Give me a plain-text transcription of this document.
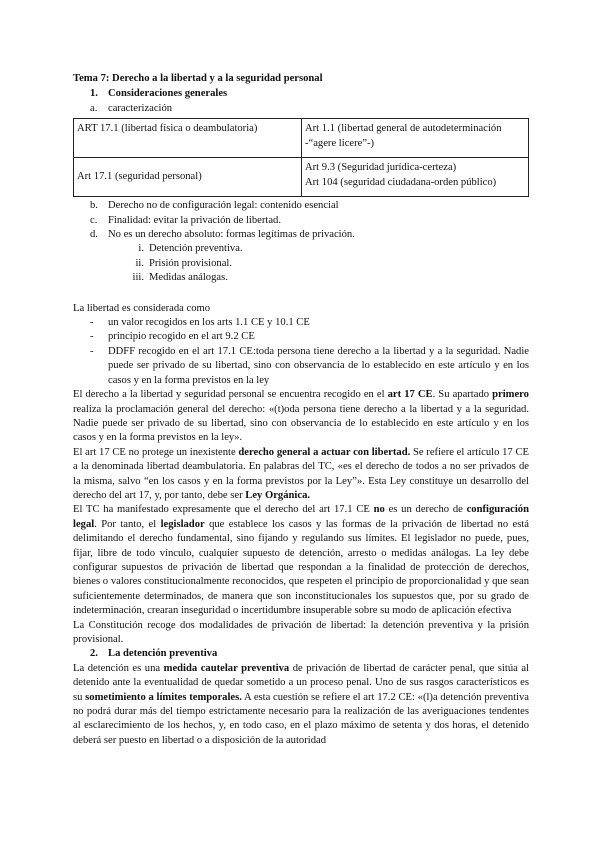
Tema 7: Derecho a la libertad y a la seguridad personal

1. Consideraciones generales

a. caracterización

ART 17.1 (libertad física o deambulatoria)	Art 1.1 (libertad general de autodeterminación -“agere licere”-)
Art 17.1 (seguridad personal)	Art 9.3 (Seguridad jurídica-certeza)
Art 104 (seguridad ciudadana-orden público)

b. Derecho no de configuración legal: contenido esencial

c. Finalidad: evitar la privación de libertad.

d. No es un derecho absoluto: formas legítimas de privación.

i. Detención preventiva.

ii. Prisión provisional.

iii. Medidas análogas.

La libertad es considerada como

-	un valor recogidos en los arts 1.1 CE y 10.1 CE
-	principio recogido en el art 9.2 CE
-	DDFF recogido en el art 17.1 CE:toda persona tiene derecho a la libertad y a la seguridad. Nadie puede ser privado de su libertad, sino con observancia de lo establecido en este artículo y en los casos y en la forma previstos en la ley

El derecho a la libertad y seguridad personal se encuentra recogido en el art 17 CE. Su apartado primero realiza la proclamación general del derecho: «(t)oda persona tiene derecho a la libertad y a la seguridad. Nadie puede ser privado de su libertad, sino con observancia de lo establecido en este artículo y en los casos y en la forma previstos en la ley».

El art 17 CE no protege un inexistente derecho general a actuar con libertad. Se refiere el artículo 17 CE a la denominada libertad deambulatoria. En palabras del TC, «es el derecho de todos a no ser privados de la misma, salvo “en los casos y en la forma previstos por la Ley”». Esta Ley constituye un desarrollo del derecho del art 17, y, por tanto, debe ser Ley Orgánica.

El TC ha manifestado expresamente que el derecho del art 17.1 CE no es un derecho de configuración legal. Por tanto, el legislador que establece los casos y las formas de la privación de libertad no está delimitando el derecho fundamental, sino fijando y regulando sus límites. El legislador no puede, pues, fijar, libre de todo vínculo, cualquier supuesto de detención, arresto o medidas análogas. La ley debe configurar supuestos de privación de libertad que respondan a la finalidad de protección de derechos, bienes o valores constitucionalmente reconocidos, que respeten el principio de proporcionalidad y que sean suficientemente determinados, de manera que son inconstitucionales los supuestos que, por su grado de indeterminación, crearan inseguridad o incertidumbre insuperable sobre su modo de aplicación efectiva

La Constitución recoge dos modalidades de privación de libertad: la detención preventiva y la prisión provisional.

2. La detención preventiva

La detención es una medida cautelar preventiva de privación de libertad de carácter penal, que sitúa al detenido ante la eventualidad de quedar sometido a un proceso penal. Uno de sus rasgos característicos es su sometimiento a límites temporales. A esta cuestión se refiere el art 17.2 CE: «(l)a detención preventiva no podrá durar más del tiempo estrictamente necesario para la realización de las averiguaciones tendentes al esclarecimiento de los hechos, y, en todo caso, en el plazo máximo de setenta y dos horas, el detenido deberá ser puesto en libertad o a disposición de la autoridad
